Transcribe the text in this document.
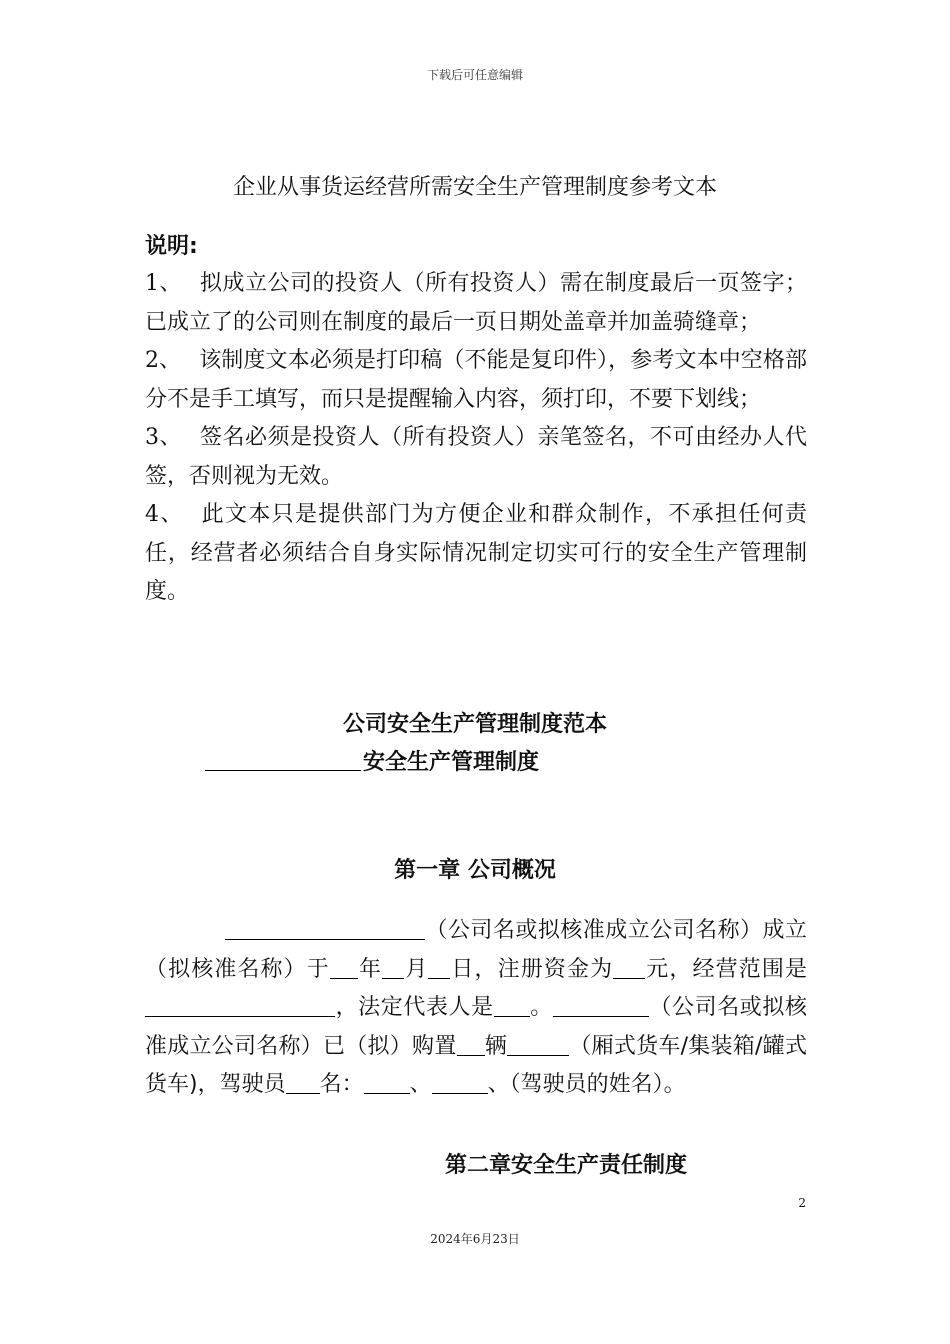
下载后可任意编辑
企业从事货运经营所需安全生产管理制度参考文本
说明:

1、 拟成立公司的投资人（所有投资人）需在制度最后一页签字；已成立了的公司则在制度的最后一页日期处盖章并加盖骑缝章；

2、 该制度文本必须是打印稿（不能是复印件），参考文本中空格部分不是手工填写，而只是提醒输入内容，须打印，不要下划线；

3、 签名必须是投资人（所有投资人）亲笔签名，不可由经办人代签，否则视为无效。

4、 此文本只是提供部门为方便企业和群众制作，不承担任何责任，经营者必须结合自身实际情况制定切实可行的安全生产管理制度。

公司安全生产管理制度范本
安全生产管理制度
第一章 公司概况

（公司名或拟核准成立公司名称）成立（拟核准名称）于 年 月 日，注册资金为 元，经营范围是，法定代表人是 。	（公司名或拟核准成立公司名称）已（拟）购置 辆	（厢式货车/集装箱/罐式货车)，驾驶员 名： 、	、（驾驶员的姓名）。

第二章安全生产责任制度
2
2024年6月23日
